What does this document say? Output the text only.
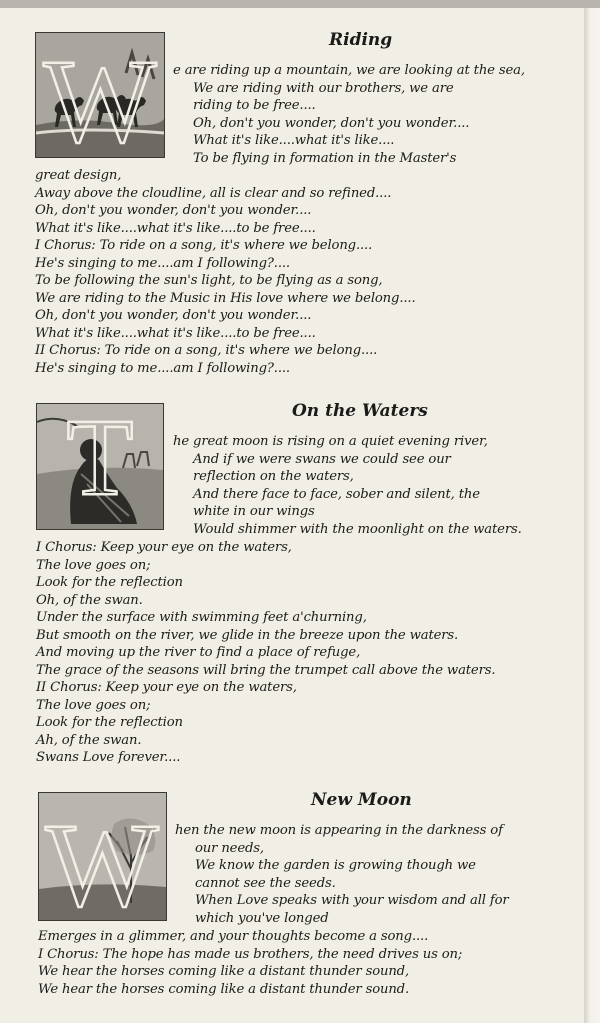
Riding
W e are riding up a mountain, we are looking at the sea,
We are riding with our brothers, we are
riding to be free....
Oh, don't you wonder, don't you wonder....
What it's like....what it's like....
To be flying in formation in the Master's
great design,
Away above the cloudline, all is clear and so refined....
Oh, don't you wonder, don't you wonder....
What it's like....what it's like....to be free....
I Chorus: To ride on a song, it's where we belong....
He's singing to me....am I following?....
To be following the sun's light, to be flying as a song,
We are riding to the Music in His love where we belong....
Oh, don't you wonder, don't you wonder....
What it's like....what it's like....to be free....
II Chorus: To ride on a song, it's where we belong....
He's singing to me....am I following?....
On the Waters
T	he great moon is rising on a quiet evening river,
And if we were swans we could see our
reflection on the waters,
And there face to face, sober and silent, the
white in our wings
Would shimmer with the moonlight on the waters.
I Chorus: Keep your eye on the waters,
The love goes on;
Look for the reflection
Oh, of the swan.
Under the surface with swimming feet a'churning,
But smooth on the river, we glide in the breeze upon the waters.
And moving up the river to find a place of refuge,
The grace of the seasons will bring the trumpet call above the waters.
II Chorus: Keep your eye on the waters,
The love goes on;
Look for the reflection
Ah, of the swan.
Swans Love forever....
New Moon
W hen the new moon is appearing in the darkness of
our needs,
We know the garden is growing though we
cannot see the seeds.
When Love speaks with your wisdom and all for
which you've longed
Emerges in a glimmer, and your thoughts become a song....
I Chorus: The hope has made us brothers, the need drives us on;
We hear the horses coming like a distant thunder sound,
We hear the horses coming like a distant thunder sound.
